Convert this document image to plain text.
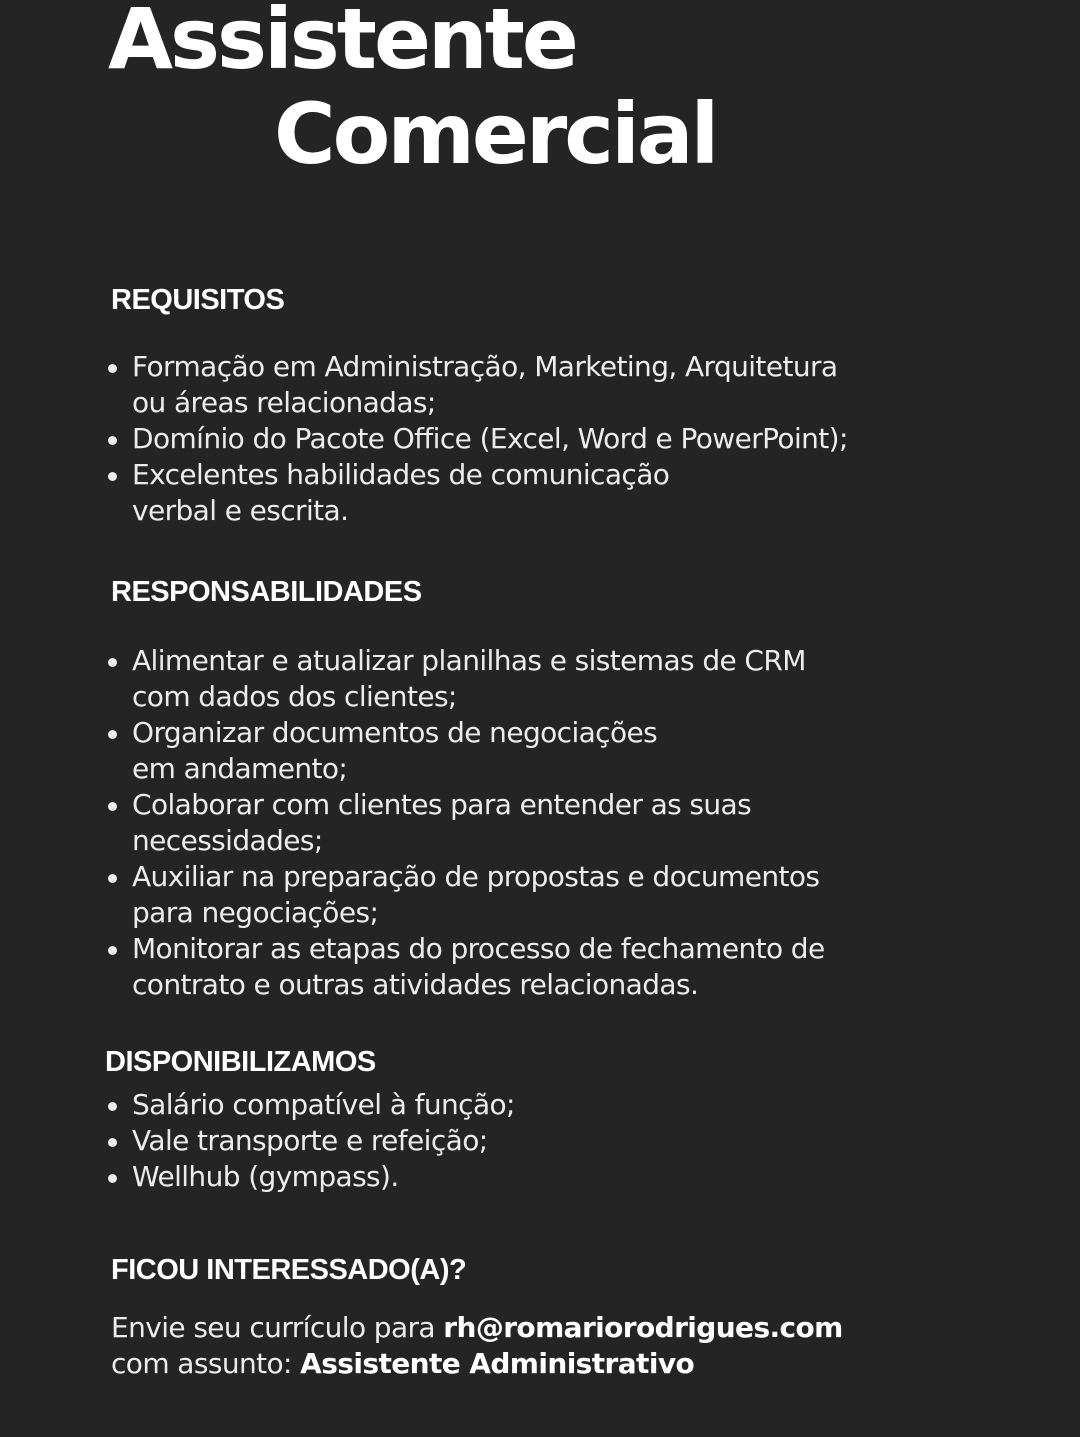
Assistente
Comercial
REQUISITOS
Formação em Administração, Marketing, Arquitetura
ou áreas relacionadas;
Domínio do Pacote Office (Excel, Word e PowerPoint);
Excelentes habilidades de comunicação
verbal e escrita.
RESPONSABILIDADES
Alimentar e atualizar planilhas e sistemas de CRM
com dados dos clientes;
Organizar documentos de negociações
em andamento;
Colaborar com clientes para entender as suas
necessidades;
Auxiliar na preparação de propostas e documentos
para negociações;
Monitorar as etapas do processo de fechamento de
contrato e outras atividades relacionadas.
DISPONIBILIZAMOS
Salário compatível à função;
Vale transporte e refeição;
Wellhub (gympass).
FICOU INTERESSADO(A)?

Envie seu currículo para rh@romariorodrigues.com
com assunto: Assistente Administrativo
